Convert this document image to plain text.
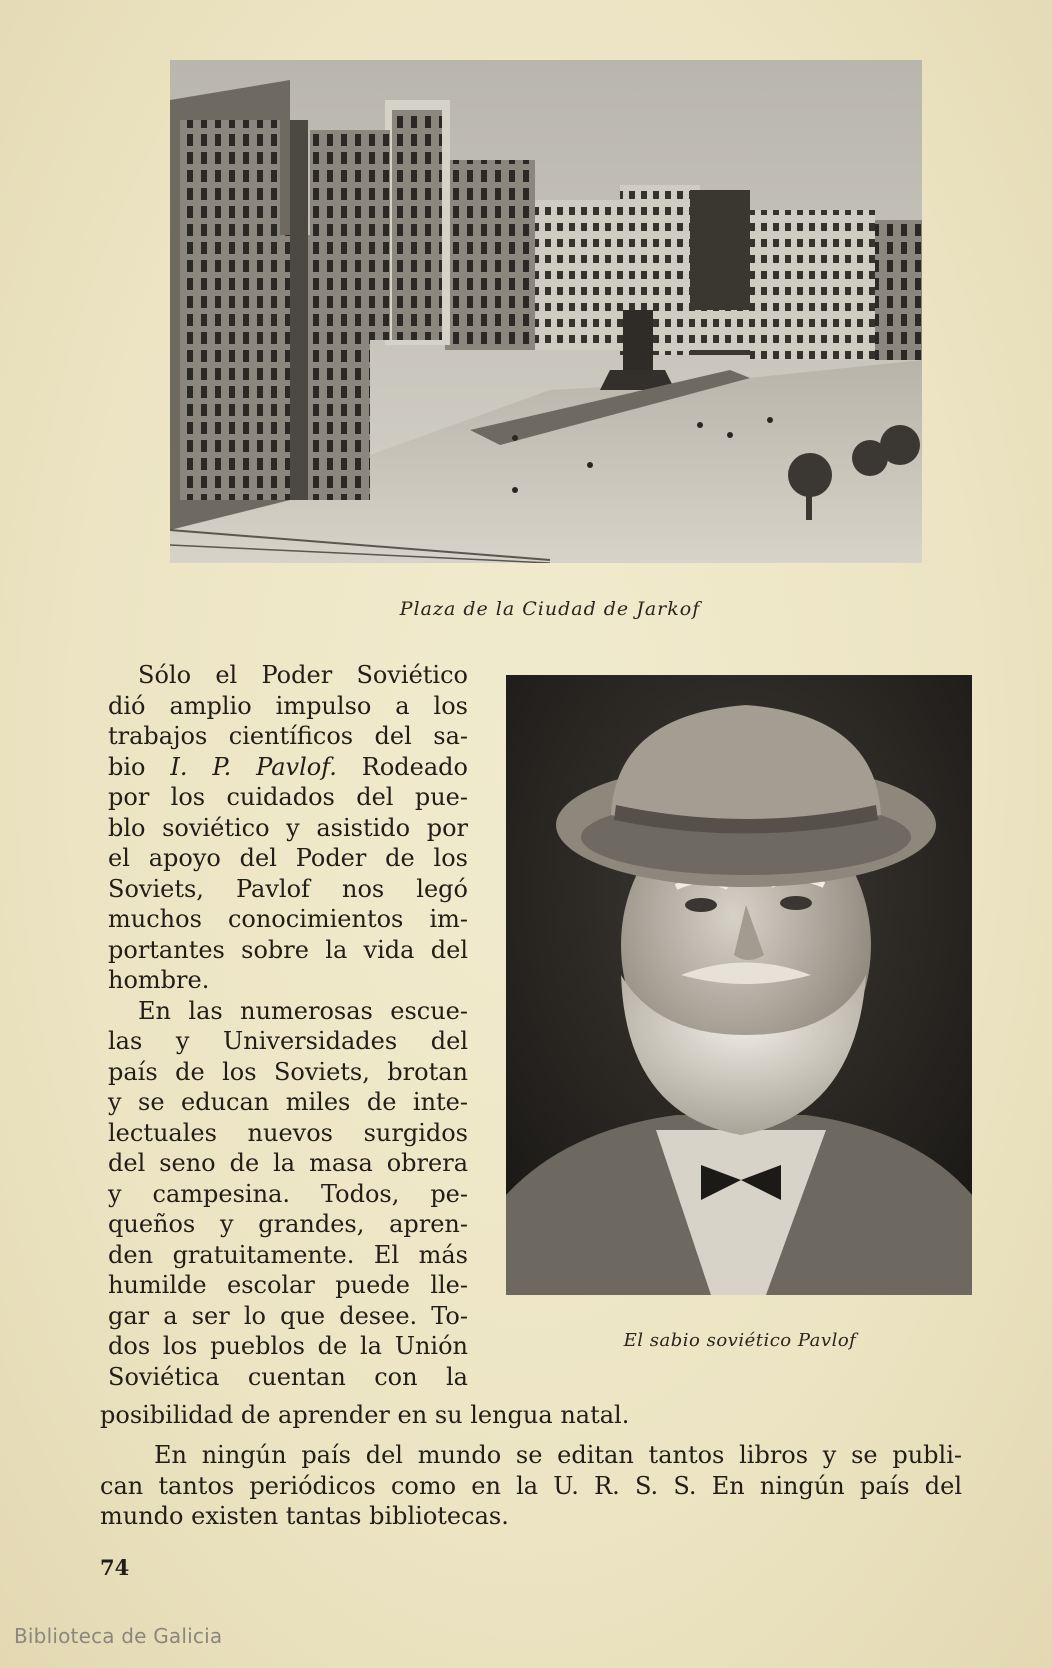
Plaza de la Ciudad de Jarkof
El sabio soviético Pavlof

Sólo el Poder Soviético
dió amplio impulso a los
trabajos científicos del sa-
bio I. P. Pavlof. Rodeado
por los cuidados del pue-
blo soviético y asistido por
el apoyo del Poder de los
Soviets, Pavlof nos legó
muchos conocimientos im-
portantes sobre la vida del
hombre.

En las numerosas escue-
las y Universidades del
país de los Soviets, brotan
y se educan miles de inte-
lectuales nuevos surgidos
del seno de la masa obrera
y campesina. Todos, pe-
queños y grandes, apren-
den gratuitamente. El más
humilde escolar puede lle-
gar a ser lo que desee. To-
dos los pueblos de la Unión
Soviética cuentan con la

posibilidad de aprender en su lengua natal.
En ningún país del mundo se editan tantos libros y se publi-
can tantos periódicos como en la U. R. S. S. En ningún país del
mundo existen tantas bibliotecas.
74
Biblioteca de Galicia
